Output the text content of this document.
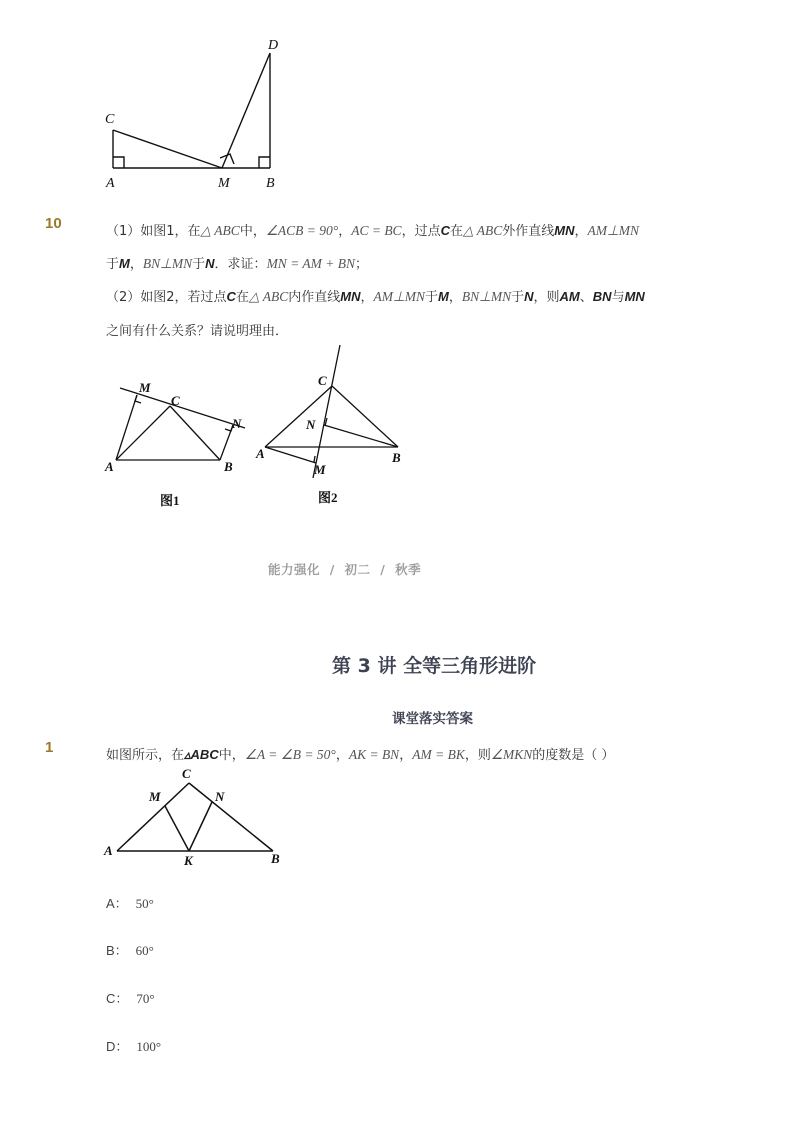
A	M	B
C
D
10	（1）如图1，在△ ABC中，∠ACB = 90°，AC = BC，过点C在△ ABC外作直线MN，AM⊥MN
于M，BN⊥MN于N．求证：MN = AM + BN；
（2）如图2，若过点C在△ ABC内作直线MN，AM⊥MN于M，BN⊥MN于N，则AM、BN与MN
之间有什么关系？请说明理由．
M
C
N
A	B
图1
C
N
A	B
M
图2
能力强化 / 初二 / 秋季
第 3 讲 全等三角形进阶
课堂落实答案
1	如图所示，在▵ABC中，∠A = ∠B = 50°，AK = BN，AM = BK，则∠MKN的度数是（ ）
C
M	N
A
K	B
A： 50°
B： 60°
C： 70°
D： 100°
